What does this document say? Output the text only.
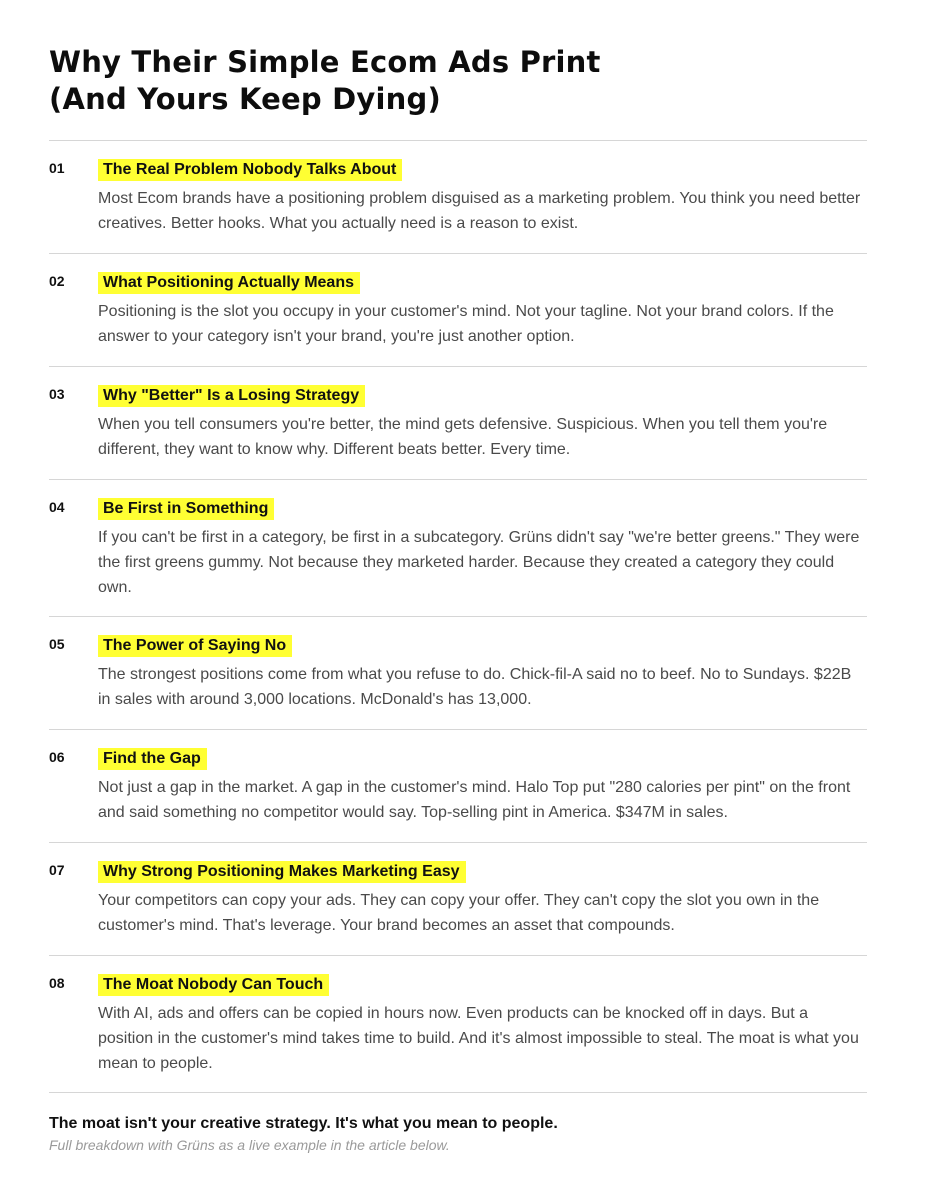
Why Their Simple Ecom Ads Print
(And Yours Keep Dying)
01	The Real Problem Nobody Talks About

Most Ecom brands have a positioning problem disguised as a marketing problem. You think you need better creatives. Better hooks. What you actually need is a reason to exist.

02	What Positioning Actually Means

Positioning is the slot you occupy in your customer's mind. Not your tagline. Not your brand colors. If the answer to your category isn't your brand, you're just another option.

03	Why "Better" Is a Losing Strategy

When you tell consumers you're better, the mind gets defensive. Suspicious. When you tell them you're different, they want to know why. Different beats better. Every time.

04	Be First in Something

If you can't be first in a category, be first in a subcategory. Grüns didn't say "we're better greens." They were the first greens gummy. Not because they marketed harder. Because they created a category they could own.

05	The Power of Saying No

The strongest positions come from what you refuse to do. Chick-fil-A said no to beef. No to Sundays. $22B in sales with around 3,000 locations. McDonald's has 13,000.

06	Find the Gap

Not just a gap in the market. A gap in the customer's mind. Halo Top put "280 calories per pint" on the front and said something no competitor would say. Top-selling pint in America. $347M in sales.

07	Why Strong Positioning Makes Marketing Easy

Your competitors can copy your ads. They can copy your offer. They can't copy the slot you own in the customer's mind. That's leverage. Your brand becomes an asset that compounds.

08	The Moat Nobody Can Touch

With AI, ads and offers can be copied in hours now. Even products can be knocked off in days. But a position in the customer's mind takes time to build. And it's almost impossible to steal. The moat is what you mean to people.

The moat isn't your creative strategy. It's what you mean to people.

Full breakdown with Grüns as a live example in the article below.
